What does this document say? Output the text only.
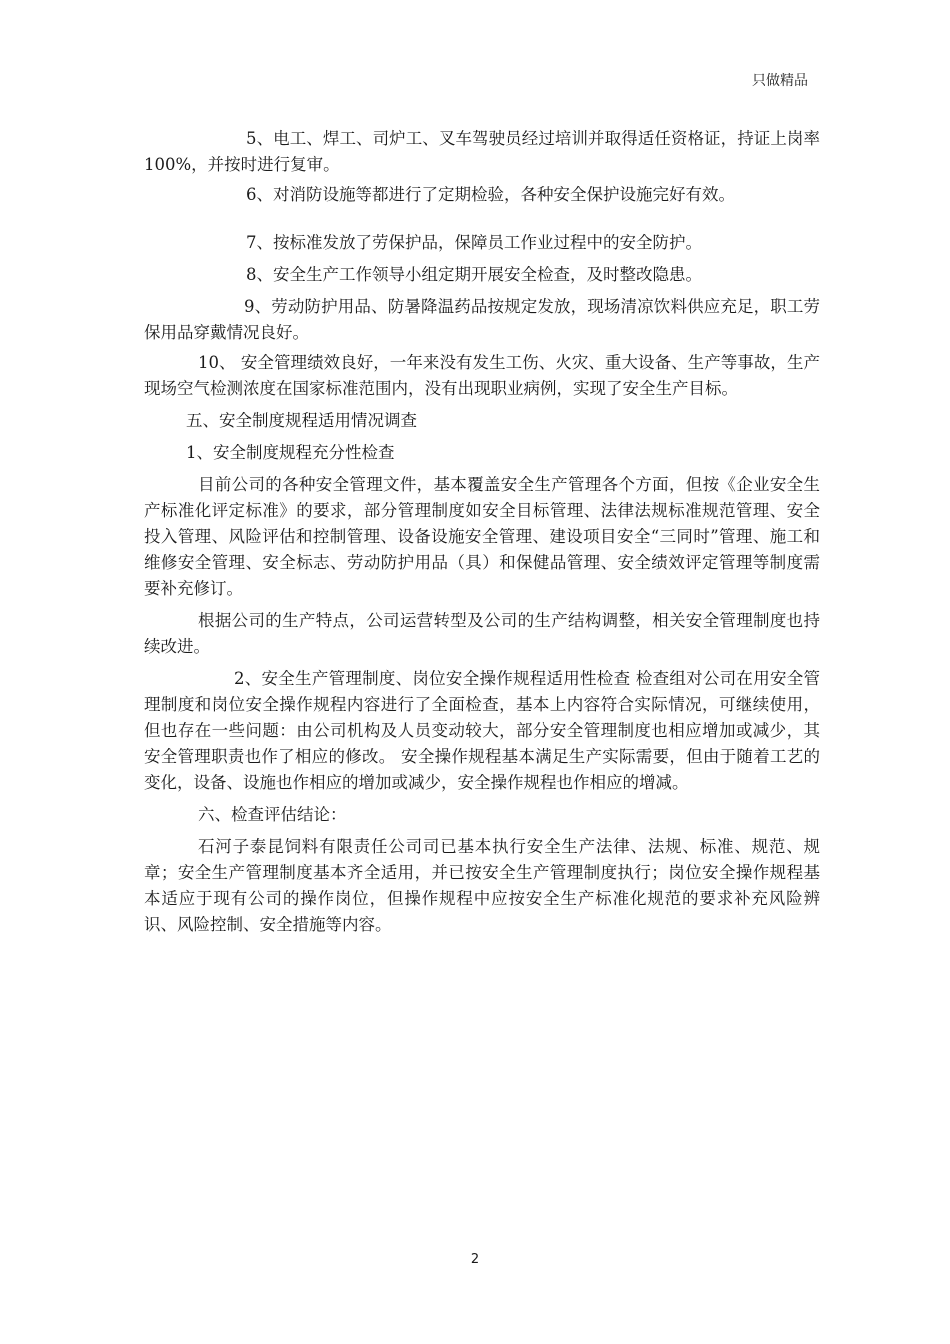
只做精品

5、电工、焊工、司炉工、叉车驾驶员经过培训并取得适任资格证，持证上岗率100%，并按时进行复审。

6、对消防设施等都进行了定期检验，各种安全保护设施完好有效。

7、按标准发放了劳保护品，保障员工作业过程中的安全防护。

8、安全生产工作领导小组定期开展安全检查，及时整改隐患。

9、劳动防护用品、防暑降温药品按规定发放，现场清凉饮料供应充足，职工劳保用品穿戴情况良好。

10、 安全管理绩效良好，一年来没有发生工伤、火灾、重大设备、生产等事故，生产现场空气检测浓度在国家标准范围内，没有出现职业病例，实现了安全生产目标。

五、安全制度规程适用情况调查

1、安全制度规程充分性检查

目前公司的各种安全管理文件，基本覆盖安全生产管理各个方面，但按《企业安全生产标准化评定标准》的要求，部分管理制度如安全目标管理、法律法规标准规范管理、安全投入管理、风险评估和控制管理、设备设施安全管理、建设项目安全“三同时”管理、施工和维修安全管理、安全标志、劳动防护用品（具）和保健品管理、安全绩效评定管理等制度需要补充修订。

根据公司的生产特点，公司运营转型及公司的生产结构调整，相关安全管理制度也持续改进。

2、安全生产管理制度、岗位安全操作规程适用性检查 检查组对公司在用安全管理制度和岗位安全操作规程内容进行了全面检查，基本上内容符合实际情况，可继续使用，但也存在一些问题：由公司机构及人员变动较大，部分安全管理制度也相应增加或减少，其安全管理职责也作了相应的修改。 安全操作规程基本满足生产实际需要，但由于随着工艺的变化，设备、设施也作相应的增加或减少，安全操作规程也作相应的增减。

六、检查评估结论：

石河子泰昆饲料有限责任公司司已基本执行安全生产法律、法规、标准、规范、规章；安全生产管理制度基本齐全适用，并已按安全生产管理制度执行；岗位安全操作规程基本适应于现有公司的操作岗位，但操作规程中应按安全生产标准化规范的要求补充风险辨识、风险控制、安全措施等内容。

2
